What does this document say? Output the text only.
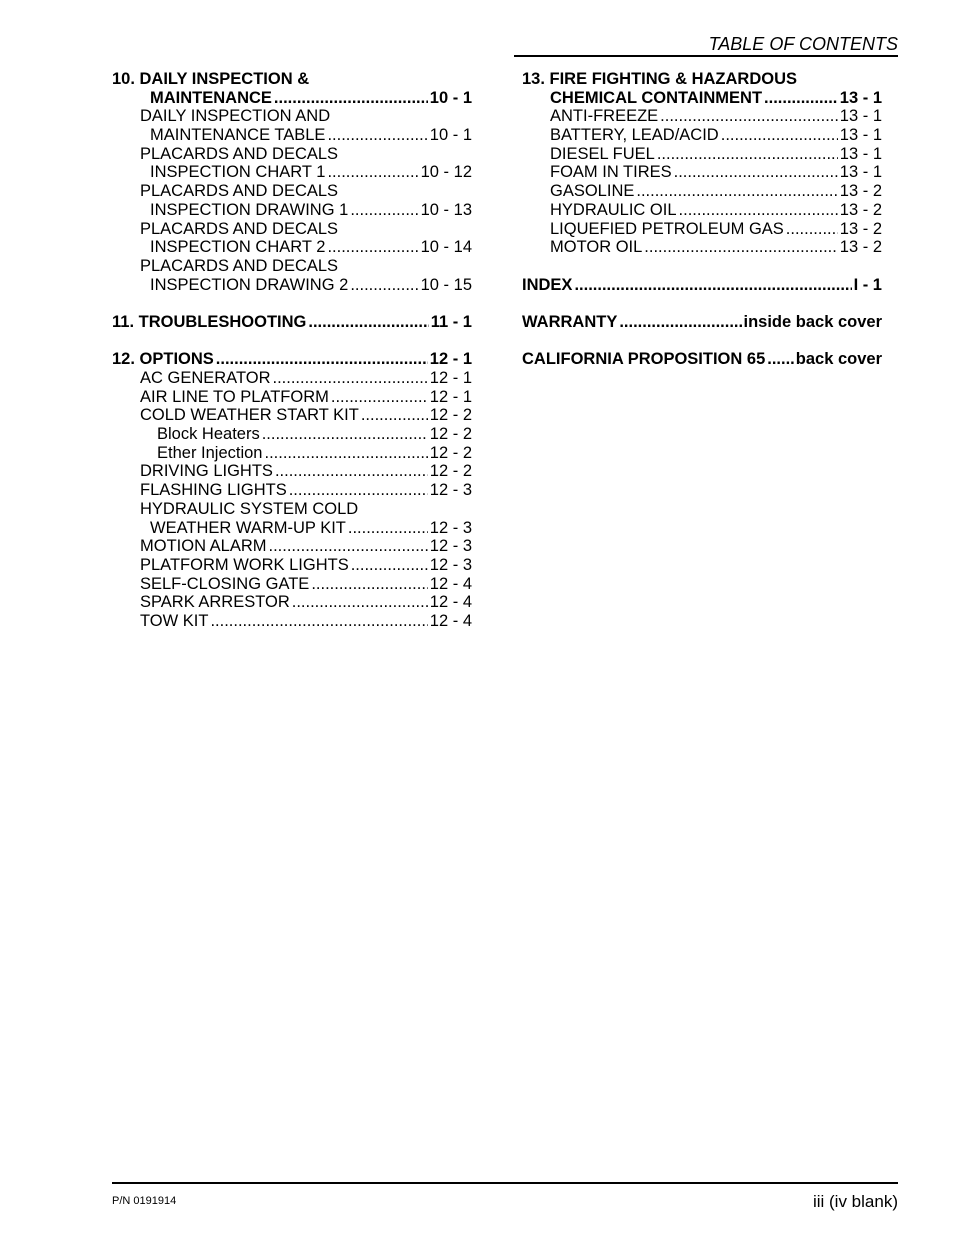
TABLE OF CONTENTS
10. DAILY INSPECTION &
MAINTENANCE .....	10 - 1
DAILY INSPECTION AND
MAINTENANCE TABLE .....	10 - 1
PLACARDS AND DECALS
INSPECTION CHART 1 .....	10 - 12
PLACARDS AND DECALS
INSPECTION DRAWING 1 .....	10 - 13
PLACARDS AND DECALS
INSPECTION CHART 2 .....	10 - 14
PLACARDS AND DECALS
INSPECTION DRAWING 2 .....	10 - 15
11. TROUBLESHOOTING .....	11 - 1
12. OPTIONS .....	12 - 1
AC GENERATOR .....	12 - 1
AIR LINE TO PLATFORM .....	12 - 1
COLD WEATHER START KIT .....	12 - 2
Block Heaters .....	12 - 2
Ether Injection .....	12 - 2
DRIVING LIGHTS .....	12 - 2
FLASHING LIGHTS .....	12 - 3
HYDRAULIC SYSTEM COLD
WEATHER WARM-UP KIT .....	12 - 3
MOTION ALARM .....	12 - 3
PLATFORM WORK LIGHTS .....	12 - 3
SELF-CLOSING GATE .....	12 - 4
SPARK ARRESTOR .....	12 - 4
TOW KIT .....	12 - 4
13. FIRE FIGHTING & HAZARDOUS
CHEMICAL CONTAINMENT .....	13 - 1
ANTI-FREEZE .....	13 - 1
BATTERY, LEAD/ACID .....	13 - 1
DIESEL FUEL .....	13 - 1
FOAM IN TIRES .....	13 - 1
GASOLINE .....	13 - 2
HYDRAULIC OIL .....	13 - 2
LIQUEFIED PETROLEUM GAS .....	13 - 2
MOTOR OIL .....	13 - 2
INDEX .....	I - 1
WARRANTY .....	inside back cover
CALIFORNIA PROPOSITION 65 ..... back cover
P/N 0191914	iii (iv blank)
